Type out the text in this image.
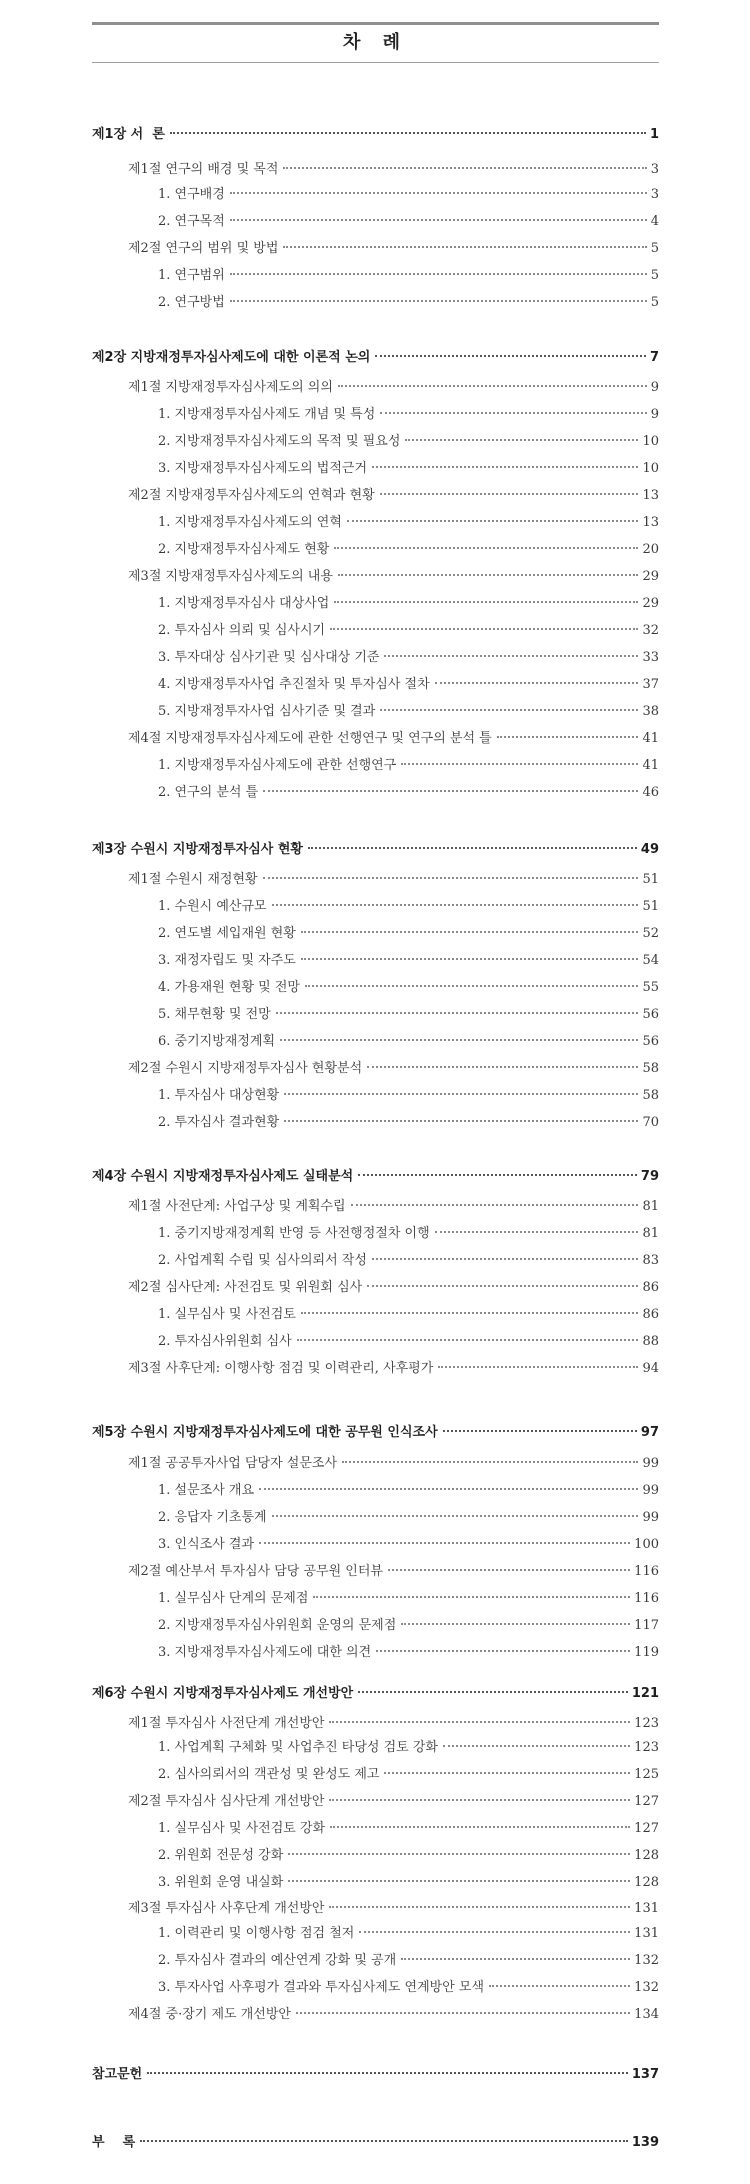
차 례
제1장 서  론	1
제1절 연구의 배경 및 목적	3
1. 연구배경	3
2. 연구목적	4
제2절 연구의 범위 및 방법	5
1. 연구범위	5
2. 연구방법	5
제2장 지방재정투자심사제도에 대한 이론적 논의	7
제1절 지방재정투자심사제도의 의의	9
1. 지방재정투자심사제도 개념 및 특성	9
2. 지방재정투자심사제도의 목적 및 필요성	10
3. 지방재정투자심사제도의 법적근거	10
제2절 지방재정투자심사제도의 연혁과 현황	13
1. 지방재정투자심사제도의 연혁	13
2. 지방재정투자심사제도 현황	20
제3절 지방재정투자심사제도의 내용	29
1. 지방재정투자심사 대상사업	29
2. 투자심사 의뢰 및 심사시기	32
3. 투자대상 심사기관 및 심사대상 기준	33
4. 지방재정투자사업 추진절차 및 투자심사 절차	37
5. 지방재정투자사업 심사기준 및 결과	38
제4절 지방재정투자심사제도에 관한 선행연구 및 연구의 분석 틀	41
1. 지방재정투자심사제도에 관한 선행연구	41
2. 연구의 분석 틀	46
제3장 수원시 지방재정투자심사 현황	49
제1절 수원시 재정현황	51
1. 수원시 예산규모	51
2. 연도별 세입재원 현황	52
3. 재정자립도 및 자주도	54
4. 가용재원 현황 및 전망	55
5. 채무현황 및 전망	56
6. 중기지방재정계획	56
제2절 수원시 지방재정투자심사 현황분석	58
1. 투자심사 대상현황	58
2. 투자심사 결과현황	70
제4장 수원시 지방재정투자심사제도 실태분석	79
제1절 사전단계: 사업구상 및 계획수립	81
1. 중기지방재정계획 반영 등 사전행정절차 이행	81
2. 사업계획 수립 및 심사의뢰서 작성	83
제2절 심사단계: 사전검토 및 위원회 심사	86
1. 실무심사 및 사전검토	86
2. 투자심사위원회 심사	88
제3절 사후단계: 이행사항 점검 및 이력관리, 사후평가	94
제5장 수원시 지방재정투자심사제도에 대한 공무원 인식조사	97
제1절 공공투자사업 담당자 설문조사	99
1. 설문조사 개요	99
2. 응답자 기초통계	99
3. 인식조사 결과	100
제2절 예산부서 투자심사 담당 공무원 인터뷰	116
1. 실무심사 단계의 문제점	116
2. 지방재정투자심사위원회 운영의 문제점	117
3. 지방재정투자심사제도에 대한 의견	119
제6장 수원시 지방재정투자심사제도 개선방안	121
제1절 투자심사 사전단계 개선방안	123
1. 사업계획 구체화 및 사업추진 타당성 검토 강화	123
2. 심사의뢰서의 객관성 및 완성도 제고	125
제2절 투자심사 심사단계 개선방안	127
1. 실무심사 및 사전검토 강화	127
2. 위원회 전문성 강화	128
3. 위원회 운영 내실화	128
제3절 투자심사 사후단계 개선방안	131
1. 이력관리 및 이행사항 점검 철저	131
2. 투자심사 결과의 예산연계 강화 및 공개	132
3. 투자사업 사후평가 결과와 투자심사제도 연계방안 모색	132
제4절 중·장기 제도 개선방안	134
참고문헌	137
부    록	139
